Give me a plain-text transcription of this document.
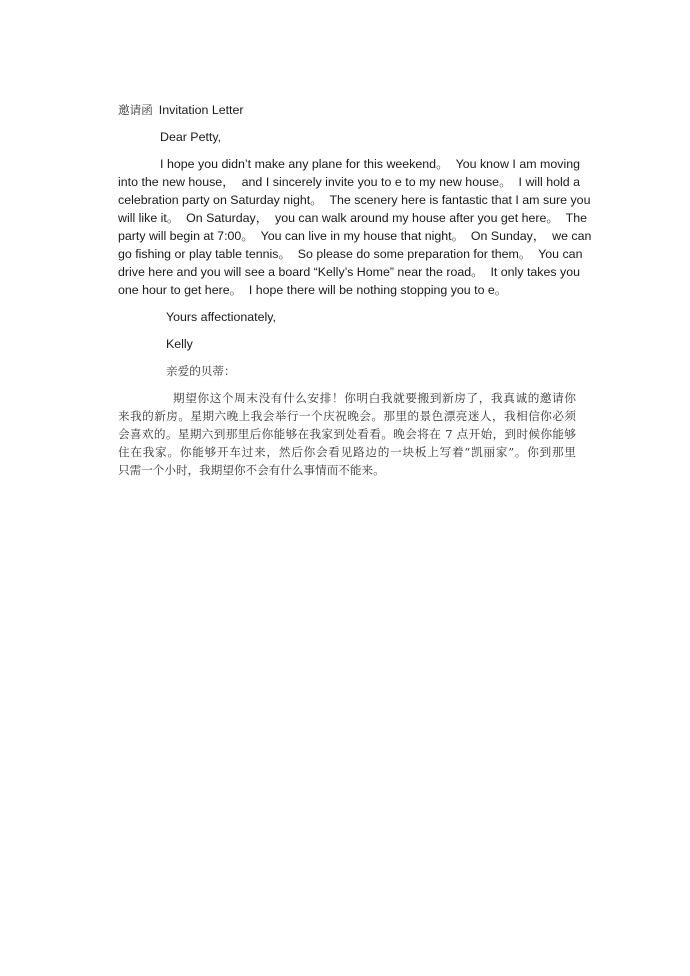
邀请函 Invitation Letter
Dear Petty,
I hope you didn’t make any plane for this weekend。  You know I am moving
into the new house，  and I sincerely invite you to e to my new house。  I will hold a
celebration party on Saturday night。  The scenery here is fantastic that I am sure you
will like it。  On Saturday，  you can walk around my house after you get here。  The
party will begin at 7:00。  You can live in my house that night。  On Sunday，  we can
go fishing or play table tennis。  So please do some preparation for them。  You can
drive here and you will see a board “Kelly’s Home” near the road。  It only takes you
one hour to get here。  I hope there will be nothing stopping you to e。
Yours affectionately,
Kelly
亲爱的贝蒂：
期望你这个周末没有什么安排！你明白我就要搬到新房了，我真诚的邀请你
来我的新房。星期六晚上我会举行一个庆祝晚会。那里的景色漂亮迷人，我相信你必须
会喜欢的。星期六到那里后你能够在我家到处看看。晚会将在 7 点开始，到时候你能够
住在我家。你能够开车过来，然后你会看见路边的一块板上写着“凯丽家”。你到那里
只需一个小时，我期望你不会有什么事情而不能来。
